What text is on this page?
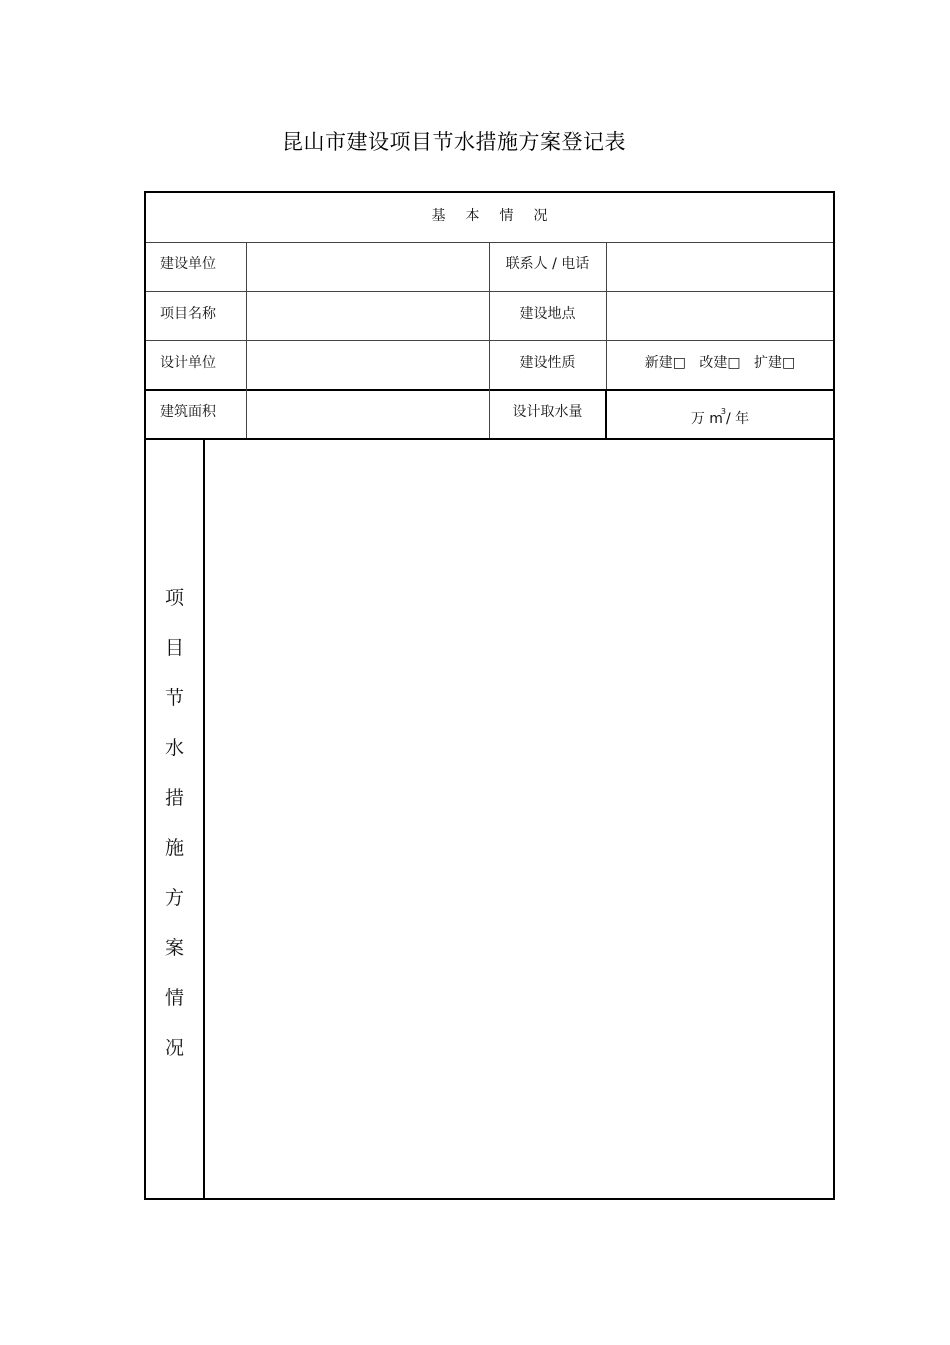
昆山市建设项目节水措施方案登记表
基本情况
建设单位	联系人 / 电话
项目名称	建设地点
设计单位	建设性质	新建□   改建□   扩建□
建筑面积	设计取水量	万 $m^3/$ 年
项
目
节
水
措
施
方
案
情
况
